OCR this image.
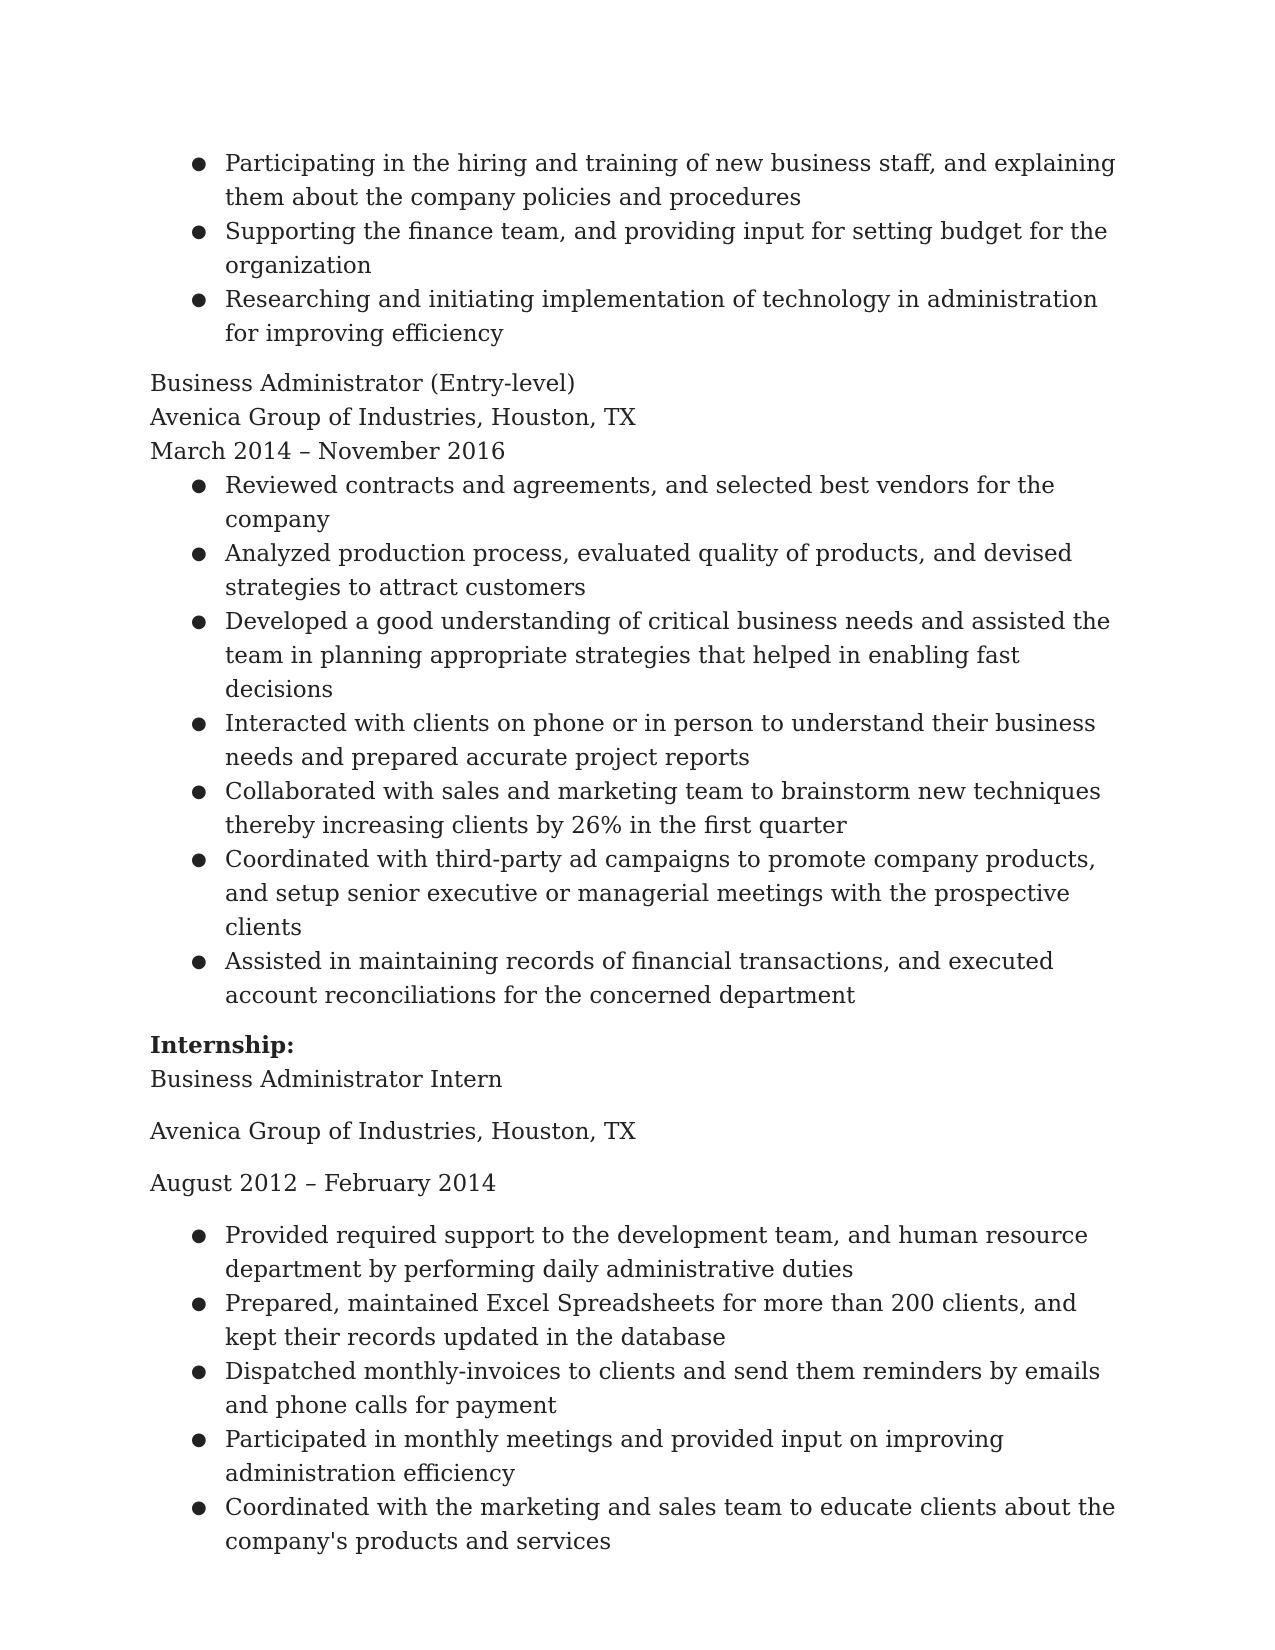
● Participating in the hiring and training of new business staff, and explaining them about the company policies and procedures
● Supporting the finance team, and providing input for setting budget for the organization
● Researching and initiating implementation of technology in administration for improving efficiency
Business Administrator (Entry-level)
Avenica Group of Industries, Houston, TX
March 2014 – November 2016
● Reviewed contracts and agreements, and selected best vendors for the company
● Analyzed production process, evaluated quality of products, and devised strategies to attract customers
● Developed a good understanding of critical business needs and assisted the team in planning appropriate strategies that helped in enabling fast decisions
● Interacted with clients on phone or in person to understand their business needs and prepared accurate project reports
● Collaborated with sales and marketing team to brainstorm new techniques thereby increasing clients by 26% in the first quarter
● Coordinated with third-party ad campaigns to promote company products, and setup senior executive or managerial meetings with the prospective clients
● Assisted in maintaining records of financial transactions, and executed account reconciliations for the concerned department
Internship:
Business Administrator Intern
Avenica Group of Industries, Houston, TX
August 2012 – February 2014
● Provided required support to the development team, and human resource department by performing daily administrative duties
● Prepared, maintained Excel Spreadsheets for more than 200 clients, and kept their records updated in the database
● Dispatched monthly-invoices to clients and send them reminders by emails and phone calls for payment
● Participated in monthly meetings and provided input on improving administration efficiency
● Coordinated with the marketing and sales team to educate clients about the company's products and services
